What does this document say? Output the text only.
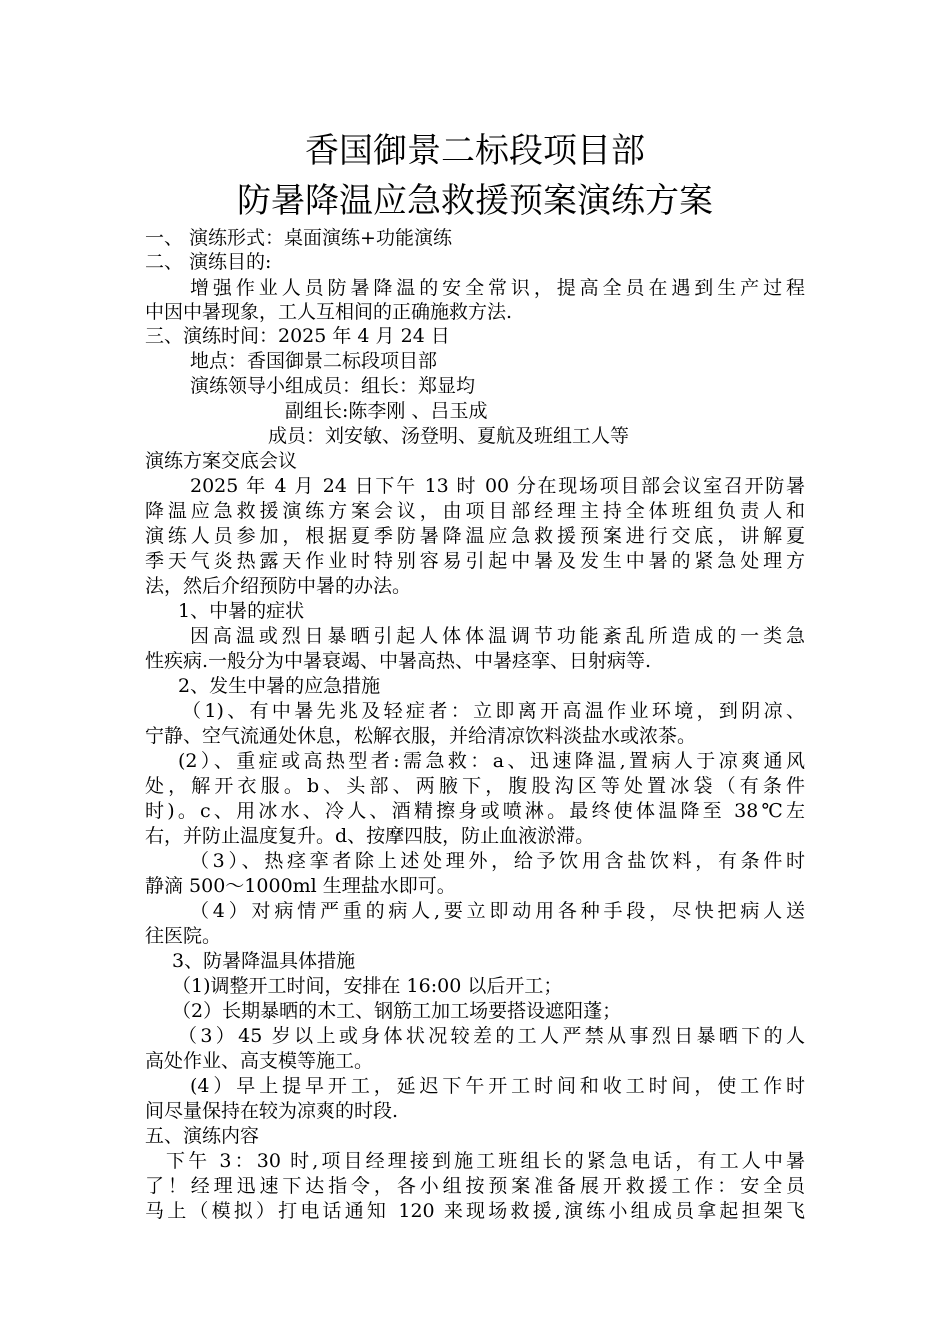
香国御景二标段项目部
防暑降温应急救援预案演练方案
一、 演练形式：桌面演练+功能演练
二、 演练目的:
增强作业人员防暑降温的安全常识，提高全员在遇到生产过程
中因中暑现象，工人互相间的正确施救方法.
三、演练时间：2025 年 4 月 24 日
地点：香国御景二标段项目部
演练领导小组成员：组长：郑显均
副组长:陈李刚 、吕玉成
成员：刘安敏、汤登明、夏航及班组工人等
演练方案交底会议
2025 年 4 月 24 日下午 13 时 00 分在现场项目部会议室召开防暑
降温应急救援演练方案会议，由项目部经理主持全体班组负责人和
演练人员参加，根据夏季防暑降温应急救援预案进行交底，讲解夏
季天气炎热露天作业时特别容易引起中暑及发生中暑的紧急处理方
法，然后介绍预防中暑的办法。
1、中暑的症状
因高温或烈日暴晒引起人体体温调节功能紊乱所造成的一类急
性疾病.一般分为中暑衰竭、中暑高热、中暑痉挛、日射病等.
2、发生中暑的应急措施
（1)、有中暑先兆及轻症者：立即离开高温作业环境，到阴凉、
宁静、空气流通处休息，松解衣服，并给清凉饮料淡盐水或浓茶。
(2）、重症或高热型者:需急救：a、迅速降温,置病人于凉爽通风
处，解开衣服。b、头部、两腋下，腹股沟区等处置冰袋（有条件
时)。c、用冰水、冷人、酒精擦身或喷淋。最终使体温降至 38℃左
右，并防止温度复升。d、按摩四肢，防止血液淤滞。
（3）、热痉挛者除上述处理外，给予饮用含盐饮料，有条件时
静滴 500～1000ml 生理盐水即可。
（4）对病情严重的病人,要立即动用各种手段，尽快把病人送
往医院。
3、防暑降温具体措施
（1)调整开工时间，安排在 16:00 以后开工；
（2）长期暴晒的木工、钢筋工加工场要搭设遮阳蓬；
（3）45 岁以上或身体状况较差的工人严禁从事烈日暴晒下的人
高处作业、高支模等施工。
(4）早上提早开工，延迟下午开工时间和收工时间，使工作时
间尽量保持在较为凉爽的时段.
五、演练内容
下午 3：30 时,项目经理接到施工班组长的紧急电话，有工人中暑
了！经理迅速下达指令，各小组按预案准备展开救援工作：安全员
马上（模拟）打电话通知 120 来现场救援,演练小组成员拿起担架飞
